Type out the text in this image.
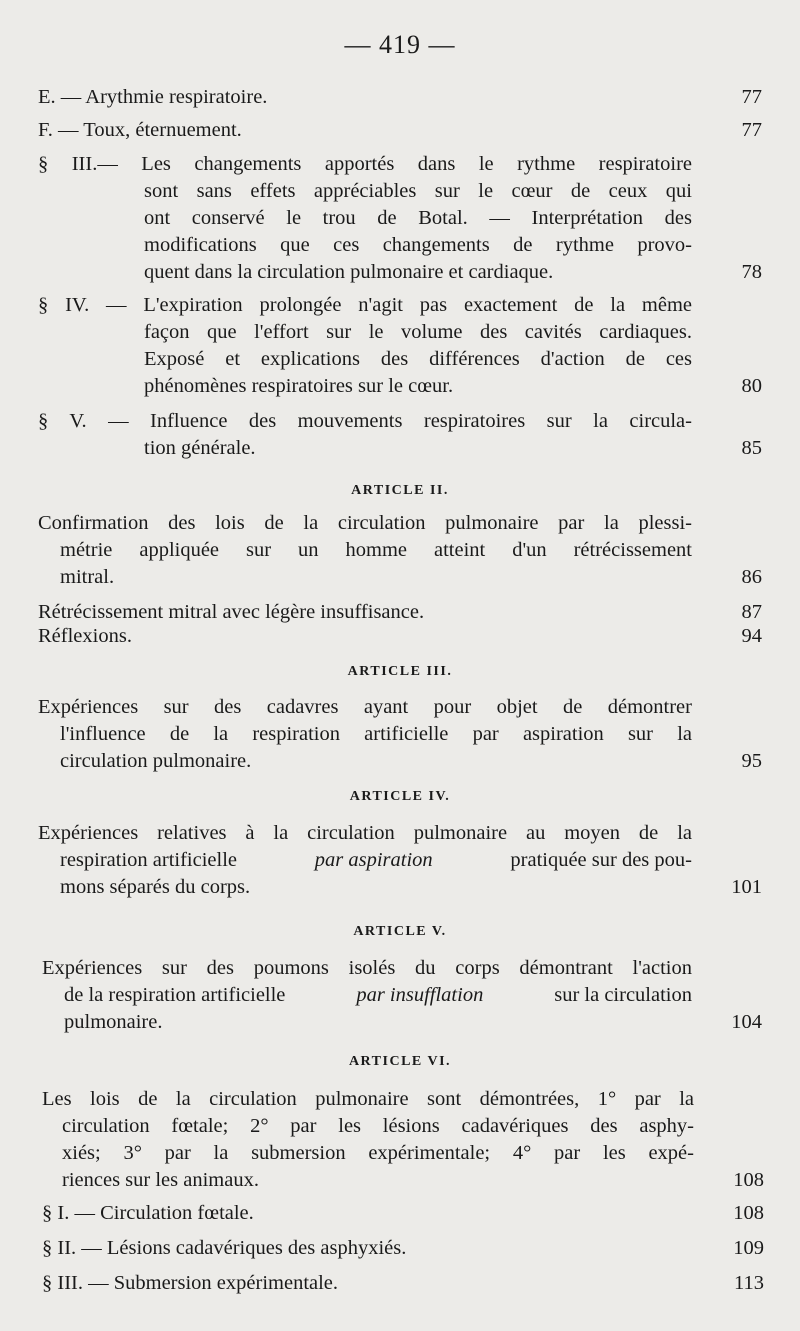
— 419 —
E. — Arythmie respiratoire.	77
F. — Toux, éternuement.	77
§ III.— Les changements apportés dans le rythme respiratoire
sont sans effets appréciables sur le cœur de ceux qui
ont conservé le trou de Botal. — Interprétation des
modifications que ces changements de rythme provo-
quent dans la circulation pulmonaire et cardiaque.	78
§ IV. — L'expiration prolongée n'agit pas exactement de la même
façon que l'effort sur le volume des cavités cardiaques.
Exposé et explications des différences d'action de ces
phénomènes respiratoires sur le cœur.	80
§ V. — Influence des mouvements respiratoires sur la circula-
tion générale.	85
ARTICLE II.
Confirmation des lois de la circulation pulmonaire par la plessi-
métrie appliquée sur un homme atteint d'un rétrécissement
mitral.	86
Rétrécissement mitral avec légère insuffisance.	87
Réflexions.	94
ARTICLE III.
Expériences sur des cadavres ayant pour objet de démontrer
l'influence de la respiration artificielle par aspiration sur la
circulation pulmonaire.	95
ARTICLE IV.
Expériences relatives à la circulation pulmonaire au moyen de la
respiration artificielle	par aspiration	pratiquée sur des pou-
mons séparés du corps.	101
ARTICLE V.
Expériences sur des poumons isolés du corps démontrant l'action
de la respiration artificielle	par insufflation	sur la circulation
pulmonaire.	104
ARTICLE VI.
Les lois de la circulation pulmonaire sont démontrées, 1° par la
circulation fœtale; 2° par les lésions cadavériques des asphy-
xiés; 3° par la submersion expérimentale; 4° par les expé-
riences sur les animaux.	108
§ I. — Circulation fœtale.	108
§ II. — Lésions cadavériques des asphyxiés.	109
§ III. — Submersion expérimentale.	113
